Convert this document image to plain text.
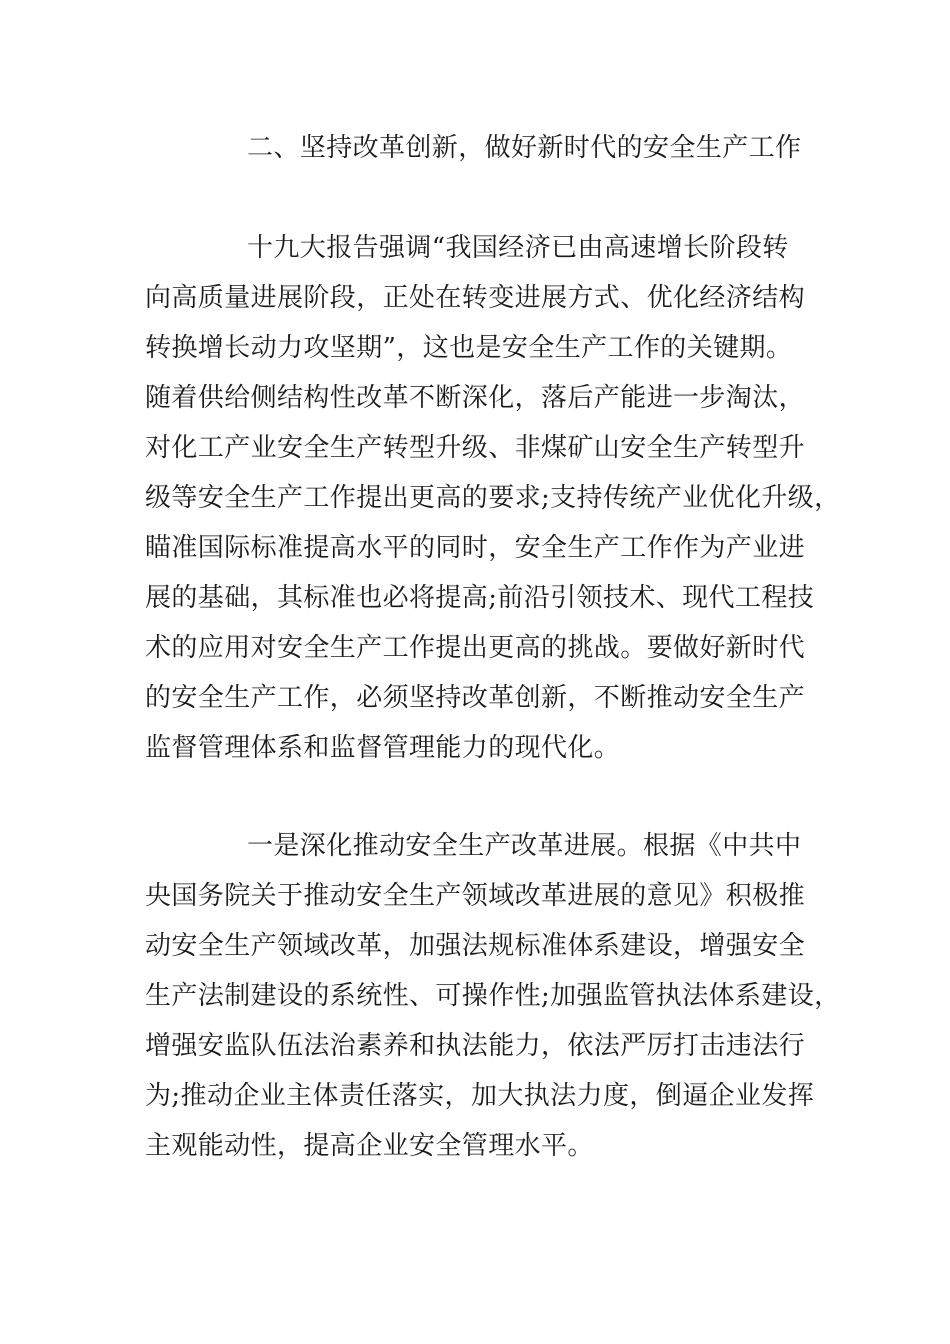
二、坚持改革创新，做好新时代的安全生产工作
十九大报告强调“我国经济已由高速增长阶段转
向高质量进展阶段，正处在转变进展方式、优化经济结构
转换增长动力攻坚期”，这也是安全生产工作的关键期。
随着供给侧结构性改革不断深化，落后产能进一步淘汰，
对化工产业安全生产转型升级、非煤矿山安全生产转型升
级等安全生产工作提出更高的要求;支持传统产业优化升级，
瞄准国际标准提高水平的同时，安全生产工作作为产业进
展的基础，其标准也必将提高;前沿引领技术、现代工程技
术的应用对安全生产工作提出更高的挑战。要做好新时代
的安全生产工作，必须坚持改革创新，不断推动安全生产
监督管理体系和监督管理能力的现代化。
一是深化推动安全生产改革进展。根据《中共中
央国务院关于推动安全生产领域改革进展的意见》积极推
动安全生产领域改革，加强法规标准体系建设，增强安全
生产法制建设的系统性、可操作性;加强监管执法体系建设，
增强安监队伍法治素养和执法能力，依法严厉打击违法行
为;推动企业主体责任落实，加大执法力度，倒逼企业发挥
主观能动性，提高企业安全管理水平。
